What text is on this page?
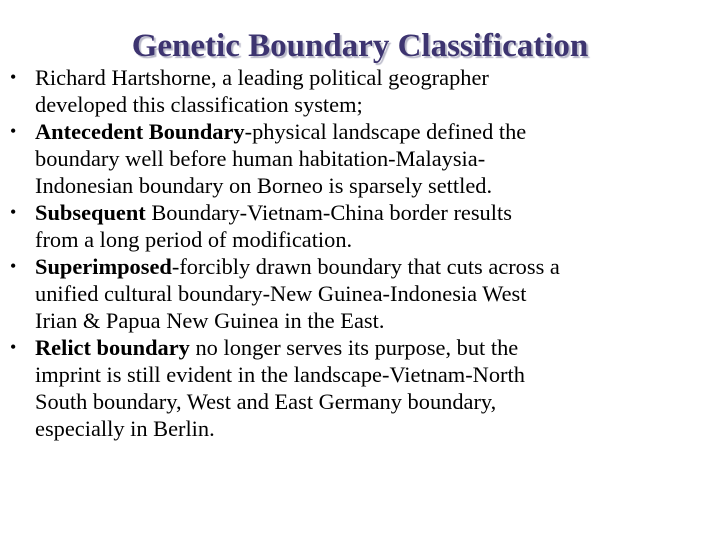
Genetic Boundary Classification
• Richard Hartshorne, a leading political geographer
developed this classification system;
• Antecedent Boundary-physical landscape defined the
boundary well before human habitation-Malaysia-
Indonesian boundary on Borneo is sparsely settled.
• Subsequent Boundary-Vietnam-China border results
from a long period of modification.
• Superimposed-forcibly drawn boundary that cuts across a
unified cultural boundary-New Guinea-Indonesia West
Irian & Papua New Guinea in the East.
• Relict boundary no longer serves its purpose, but the
imprint is still evident in the landscape-Vietnam-North
South boundary, West and East Germany boundary,
especially in Berlin.
